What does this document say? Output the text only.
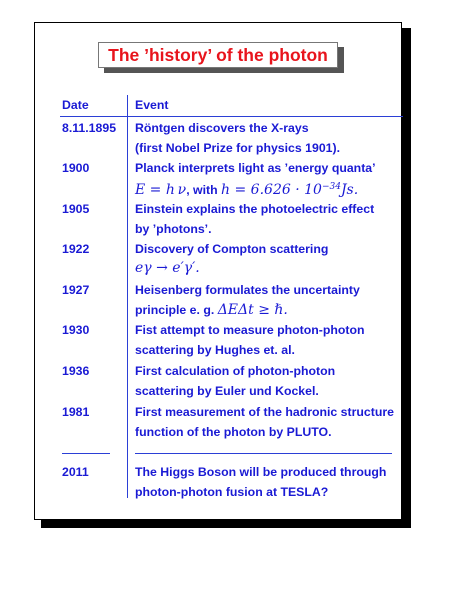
The ’history’ of the photon
Date	Event
8.11.1895 Röntgen discovers the X-rays
(first Nobel Prize for physics 1901).
1900	Planck interprets light as ’energy quanta’
E = h ν, with $h = 6.626 \cdot 10^{-34}Js$.
1905	Einstein explains the photoelectric effect
by ’photons’.
1922	Discovery of Compton scattering
eγ → e′γ′.
1927	Heisenberg formulates the uncertainty
principle e. g. ΔEΔt ≥ ℏ.
1930	Fist attempt to measure photon-photon
scattering by Hughes et. al.
1936	First calculation of photon-photon
scattering by Euler und Kockel.
1981	First measurement of the hadronic structure
function of the photon by PLUTO.
2011	The Higgs Boson will be produced through
photon-photon fusion at TESLA?
